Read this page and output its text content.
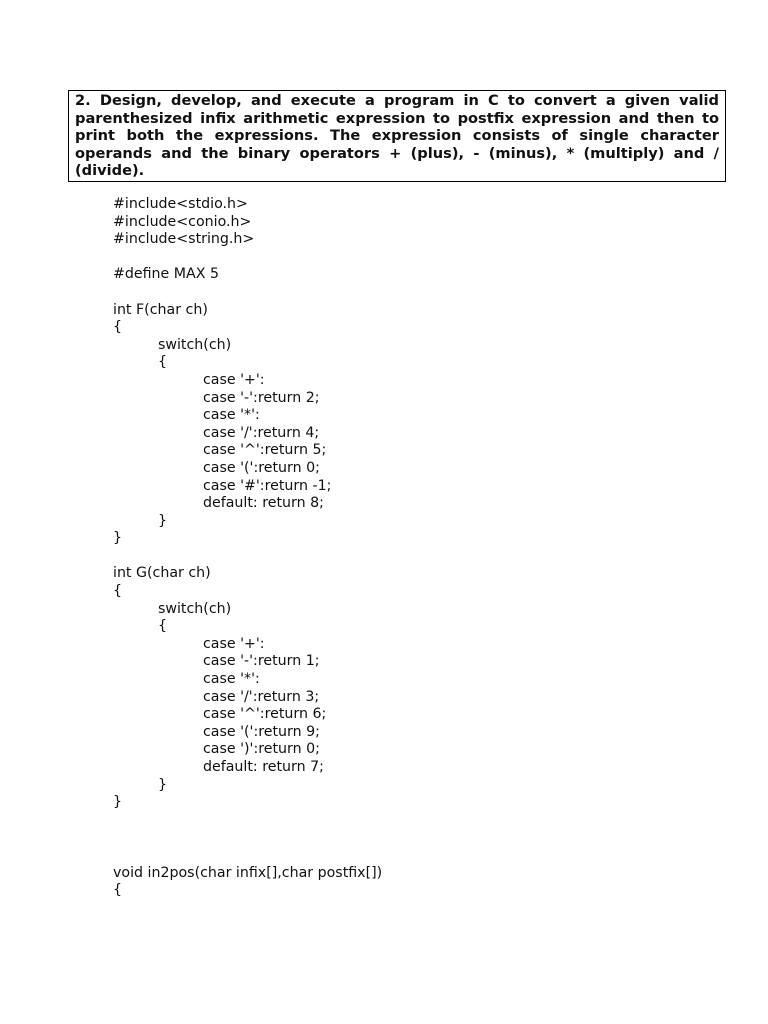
2. Design, develop, and execute a program in C to convert a given valid parenthesized infix arithmetic expression to postfix expression and then to print both the expressions. The expression consists of single character operands and the binary operators + (plus), - (minus), * (multiply) and / (divide).

#include<stdio.h>
#include<conio.h>
#include<string.h>
#define MAX 5
int F(char ch)
{
switch(ch)
{
case '+':
case '-':return 2;
case '*':
case '/':return 4;
case '^':return 5;
case '(':return 0;
case '#':return -1;
default: return 8;
}
}
int G(char ch)
{
switch(ch)
{
case '+':
case '-':return 1;
case '*':
case '/':return 3;
case '^':return 6;
case '(':return 9;
case ')':return 0;
default: return 7;
}
}
void in2pos(char infix[],char postfix[])
{
